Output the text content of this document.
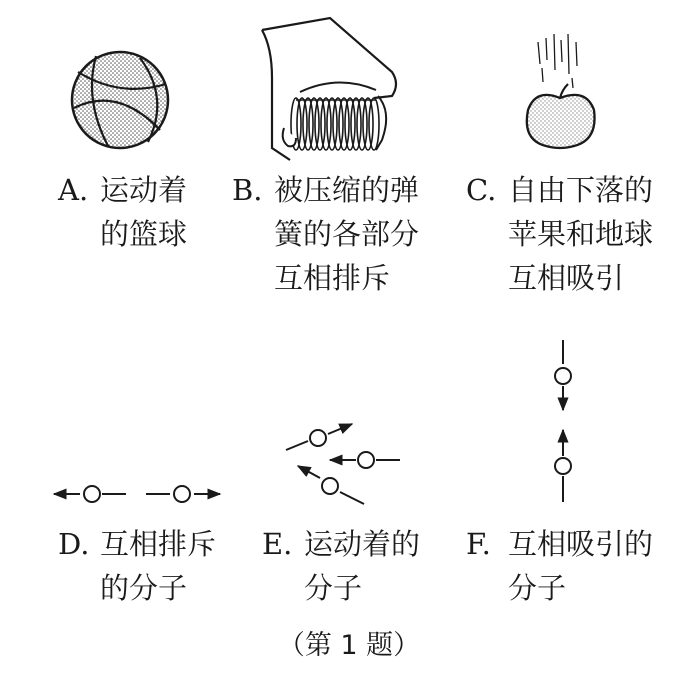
A. 运动着
的篮球
B. 被压缩的弹
簧的各部分
互相排斥
C. 自由下落的
苹果和地球
互相吸引
D. 互相排斥
的分子
E. 运动着的
分子
F. 互相吸引的
分子
（第 1 题）
